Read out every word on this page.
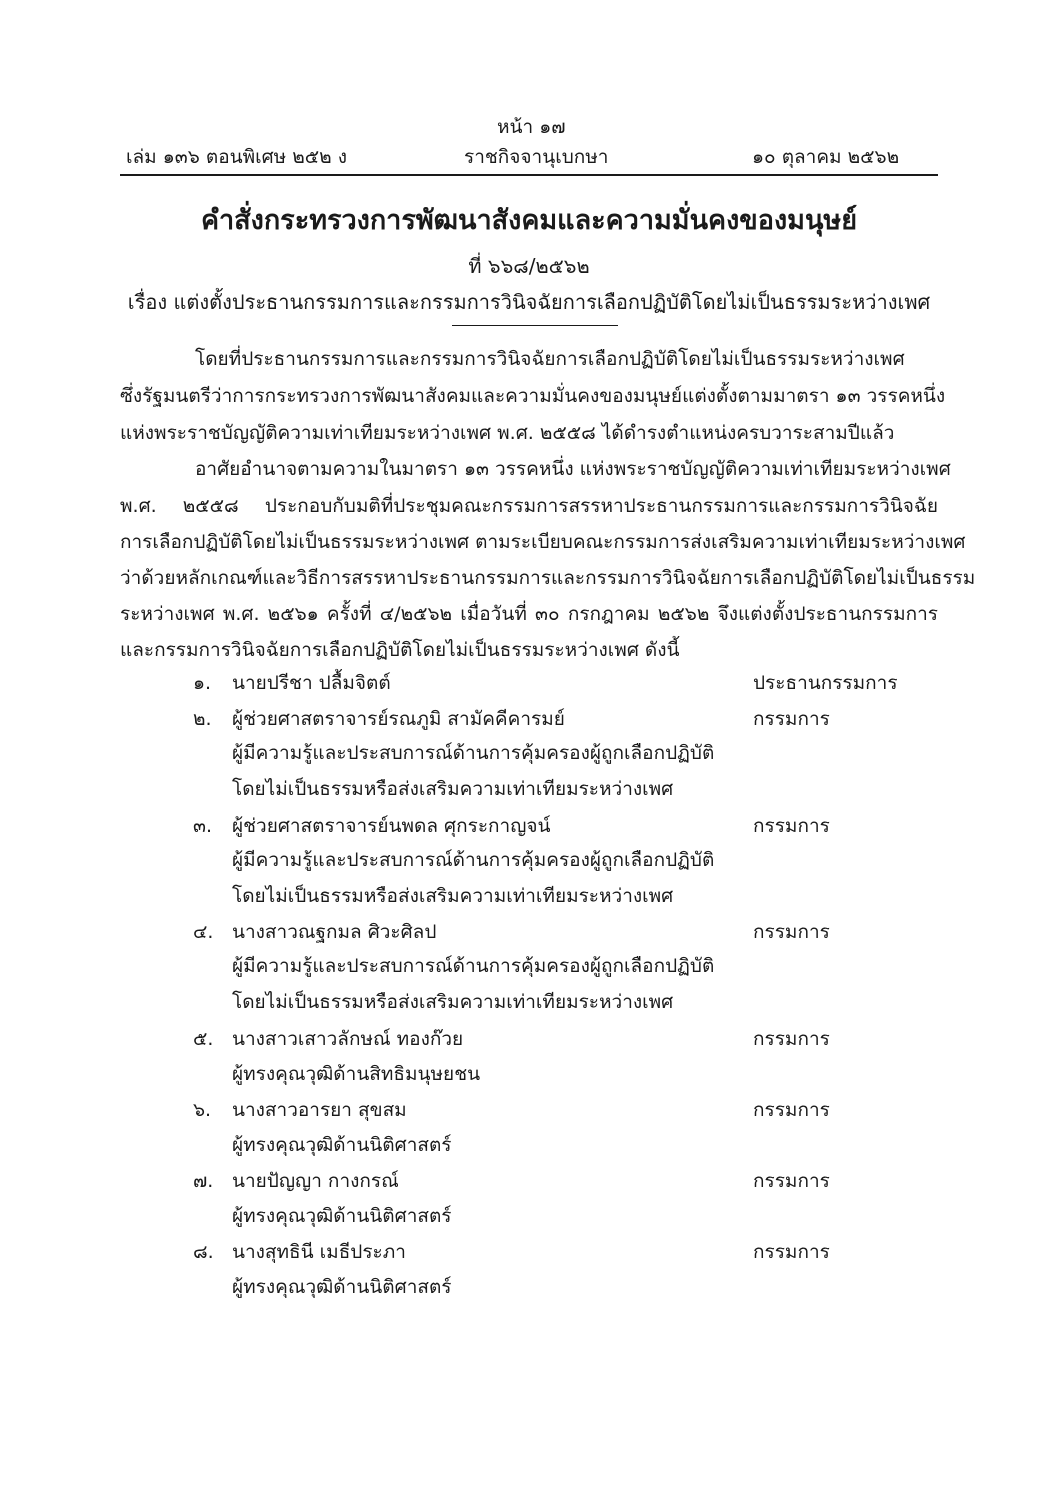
หน้า ๑๗
เล่ม ๑๓๖ ตอนพิเศษ ๒๕๒ ง	ราชกิจจานุเบกษา	๑๐ ตุลาคม ๒๕๖๒
คำสั่งกระทรวงการพัฒนาสังคมและความมั่นคงของมนุษย์
ที่ ๖๖๘/๒๕๖๒
เรื่อง แต่งตั้งประธานกรรมการและกรรมการวินิจฉัยการเลือกปฏิบัติโดยไม่เป็นธรรมระหว่างเพศ
โดยที่ประธานกรรมการและกรรมการวินิจฉัยการเลือกปฏิบัติโดยไม่เป็นธรรมระหว่างเพศ
ซึ่งรัฐมนตรีว่าการกระทรวงการพัฒนาสังคมและความมั่นคงของมนุษย์แต่งตั้งตามมาตรา ๑๓ วรรคหนึ่ง
แห่งพระราชบัญญัติความเท่าเทียมระหว่างเพศ พ.ศ. ๒๕๕๘ ได้ดำรงตำแหน่งครบวาระสามปีแล้ว
อาศัยอำนาจตามความในมาตรา ๑๓ วรรคหนึ่ง แห่งพระราชบัญญัติความเท่าเทียมระหว่างเพศ
พ.ศ. ๒๕๕๘ ประกอบกับมติที่ประชุมคณะกรรมการสรรหาประธานกรรมการและกรรมการวินิจฉัย
การเลือกปฏิบัติโดยไม่เป็นธรรมระหว่างเพศ ตามระเบียบคณะกรรมการส่งเสริมความเท่าเทียมระหว่างเพศ
ว่าด้วยหลักเกณฑ์และวิธีการสรรหาประธานกรรมการและกรรมการวินิจฉัยการเลือกปฏิบัติโดยไม่เป็นธรรม
ระหว่างเพศ พ.ศ. ๒๕๖๑ ครั้งที่ ๔/๒๕๖๒ เมื่อวันที่ ๓๐ กรกฎาคม ๒๕๖๒ จึงแต่งตั้งประธานกรรมการ
และกรรมการวินิจฉัยการเลือกปฏิบัติโดยไม่เป็นธรรมระหว่างเพศ ดังนี้
๑.	นายปรีชา ปลื้มจิตต์	ประธานกรรมการ
๒.	ผู้ช่วยศาสตราจารย์รณภูมิ สามัคคีคารมย์	กรรมการ
ผู้มีความรู้และประสบการณ์ด้านการคุ้มครองผู้ถูกเลือกปฏิบัติ
โดยไม่เป็นธรรมหรือส่งเสริมความเท่าเทียมระหว่างเพศ
๓.	ผู้ช่วยศาสตราจารย์นพดล ศุกระกาญจน์	กรรมการ
ผู้มีความรู้และประสบการณ์ด้านการคุ้มครองผู้ถูกเลือกปฏิบัติ
โดยไม่เป็นธรรมหรือส่งเสริมความเท่าเทียมระหว่างเพศ
๔. นางสาวณฐกมล ศิวะศิลป	กรรมการ
ผู้มีความรู้และประสบการณ์ด้านการคุ้มครองผู้ถูกเลือกปฏิบัติ
โดยไม่เป็นธรรมหรือส่งเสริมความเท่าเทียมระหว่างเพศ
๕. นางสาวเสาวลักษณ์ ทองก๊วย	กรรมการ
ผู้ทรงคุณวุฒิด้านสิทธิมนุษยชน
๖.	นางสาวอารยา สุขสม	กรรมการ
ผู้ทรงคุณวุฒิด้านนิติศาสตร์
๗. นายปัญญา กางกรณ์	กรรมการ
ผู้ทรงคุณวุฒิด้านนิติศาสตร์
๘. นางสุทธินี เมธีประภา	กรรมการ
ผู้ทรงคุณวุฒิด้านนิติศาสตร์
